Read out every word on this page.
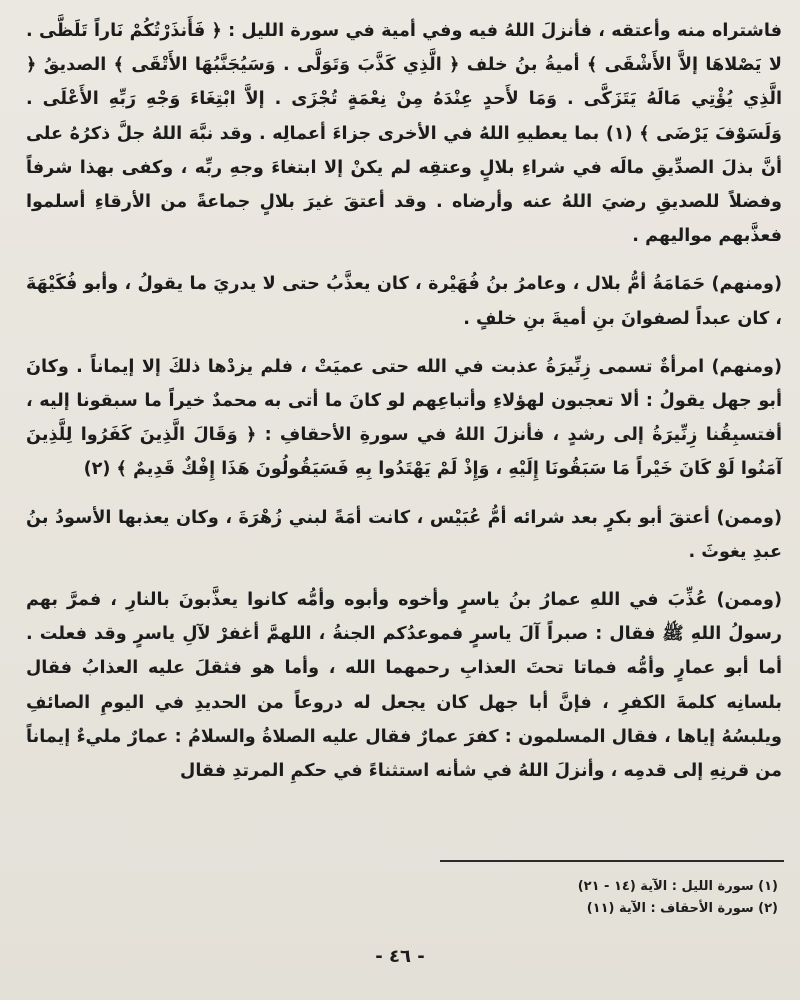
فاشتراه منه وأعتقه ، فأنزلَ اللهُ فيه وفي أمية في سورة الليل : ﴿ فَأَنذَرْتُكُمْ نَاراً تَلَظَّى . لا يَصْلاهَا إلاَّ الأَشْقَى ﴾ أميةُ بنُ خلف ﴿ الَّذِي كَذَّبَ وَتَوَلَّى . وَسَيُجَنَّبُهَا الأَتْقَى ﴾ الصديقُ ﴿ الَّذِي يُؤْتِي مَالَهُ يَتَزَكَّى . وَمَا لأَحدٍ عِنْدَهُ مِنْ نِعْمَةٍ تُجْزَى . إلاَّ ابْتِغَاءَ وَجْهِ رَبِّهِ الأَعْلَى . وَلَسَوْفَ يَرْضَى ﴾ (١) بما يعطيهِ اللهُ في الأخرى جزاءَ أعمالِه . وقد نبَّهَ اللهُ جلَّ ذكرُهُ على أنَّ بذلَ الصدِّيقِ مالَه في شراءِ بلالٍ وعتقِه لم يكنْ إلا ابتغاءَ وجهِ ربِّه ، وكفى بهذا شرفاً وفضلاً للصديقِ رضيَ اللهُ عنه وأرضاه . وقد أعتقَ غيرَ بلالٍ جماعةً من الأرقاءِ أسلموا فعذَّبهم مواليهم .

(ومنهم) حَمَامَةُ أمُّ بلال ، وعامرُ بنُ فُهَيْرة ، كان يعذَّبُ حتى لا يدريَ ما يقولُ ، وأبو فُكَيْهَةَ ، كان عبداً لصفوانَ بنِ أميةَ بنِ خلفٍ .

(ومنهم) امرأةٌ تسمى زِنِّيرَةُ عذبت في الله حتى عميَتْ ، فلم يزدْها ذلكَ إلا إيماناً . وكانَ أبو جهل يقولُ : ألا تعجبون لهؤلاءِ وأتباعِهم لو كانَ ما أتى به محمدٌ خيراً ما سبقونا إليه ، أفتسبِقُنا زِنِّيرَةُ إلى رشدٍ ، فأنزلَ اللهُ في سورةِ الأحقافِ : ﴿ وَقَالَ الَّذِينَ كَفَرُوا لِلَّذِينَ آمَنُوا لَوْ كَانَ خَيْراً مَا سَبَقُونَا إِلَيْهِ ، وَإِذْ لَمْ يَهْتَدُوا بِهِ فَسَيَقُولُونَ هَذَا إِفْكٌ قَدِيمٌ ﴾ (٢)

(وممن) أعتقَ أبو بكرٍ بعد شرائه أمُّ عُبَيْس ، كانت أمَةً لبني زُهْرَةَ ، وكان يعذبها الأسودُ بنُ عبدِ يغوثَ .

(وممن) عُذِّبَ في اللهِ عمارُ بنُ ياسرٍ وأخوه وأبوه وأمُّه كانوا يعذَّبونَ بالنارِ ، فمرَّ بهم رسولُ اللهِ ﷺ فقال : صبراً آلَ ياسرٍ فموعدُكم الجنةُ ، اللهمَّ أغفرْ لآلِ ياسرٍ وقد فعلت . أما أبو عمارٍ وأمُّه فماتا تحتَ العذابِ رحمهما الله ، وأما هو فثقلَ عليه العذابُ فقال بلسانِه كلمةَ الكفرِ ، فإنَّ أبا جهل كان يجعل له دروعاً من الحديدِ في اليومِ الصائفِ ويلبسُهُ إياها ، فقال المسلمون : كفرَ عمارٌ فقال عليه الصلاةُ والسلامُ : عمارٌ مليءٌ إيماناً من قرنِهِ إلى قدمِه ، وأنزلَ اللهُ في شأنه استثناءً في حكمِ المرتدِ فقال

(١) سورة الليل : الآية (١٤ - ٢١)

(٢) سورة الأحقاف : الآية (١١)

- ٤٦ -
